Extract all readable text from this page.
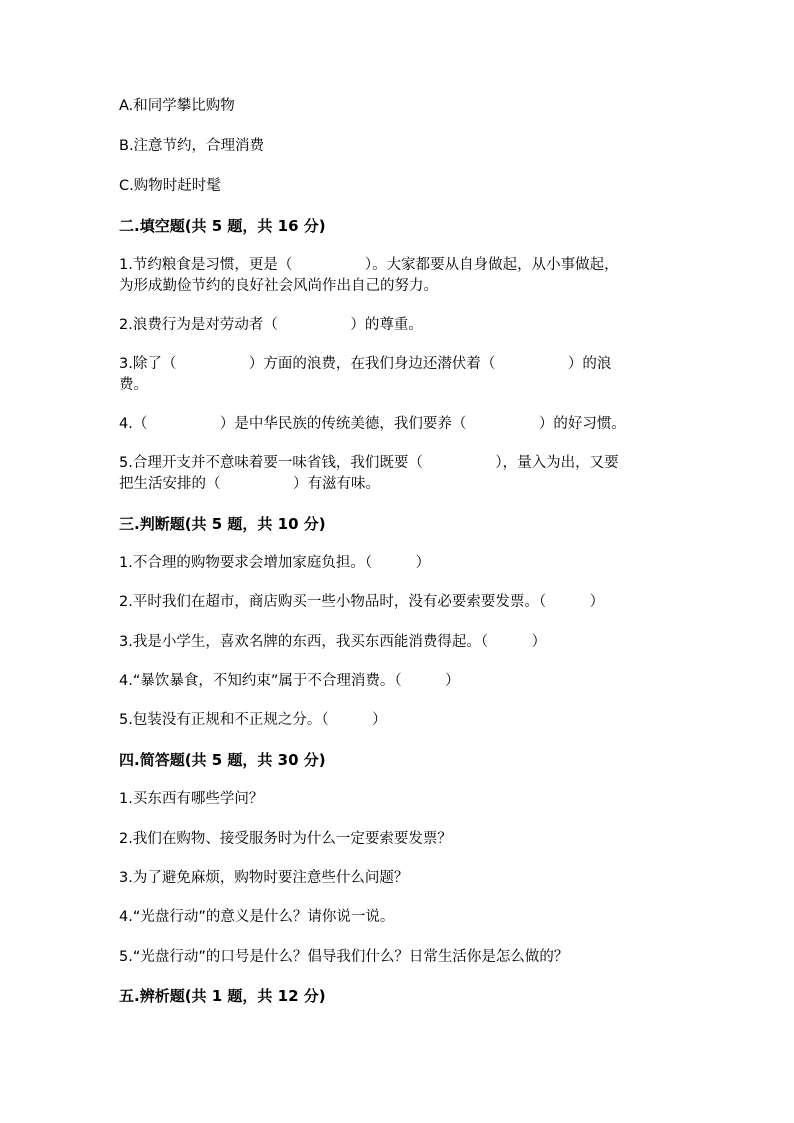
A.和同学攀比购物
B.注意节约，合理消费
C.购物时赶时髦
二.填空题(共 5 题，共 16 分)
1.节约粮食是习惯，更是（　　　　　）。大家都要从自身做起，从小事做起，
为形成勤俭节约的良好社会风尚作出自己的努力。
2.浪费行为是对劳动者（　　　　　）的尊重。
3.除了（　　　　　）方面的浪费，在我们身边还潜伏着（　　　　　）的浪
费。
4.（　　　　　）是中华民族的传统美德，我们要养（　　　　　）的好习惯。
5.合理开支并不意味着要一味省钱，我们既要（　　　　　），量入为出，又要
把生活安排的（　　　　　）有滋有味。
三.判断题(共 5 题，共 10 分)
1.不合理的购物要求会增加家庭负担。（　　　）
2.平时我们在超市，商店购买一些小物品时，没有必要索要发票。（　　　）
3.我是小学生，喜欢名牌的东西，我买东西能消费得起。（　　　）
4.“暴饮暴食，不知约束”属于不合理消费。（　　　）
5.包装没有正规和不正规之分。（　　　）
四.简答题(共 5 题，共 30 分)
1.买东西有哪些学问？
2.我们在购物、接受服务时为什么一定要索要发票？
3.为了避免麻烦，购物时要注意些什么问题？
4.“光盘行动”的意义是什么？请你说一说。
5.“光盘行动”的口号是什么？倡导我们什么？日常生活你是怎么做的？
五.辨析题(共 1 题，共 12 分)
